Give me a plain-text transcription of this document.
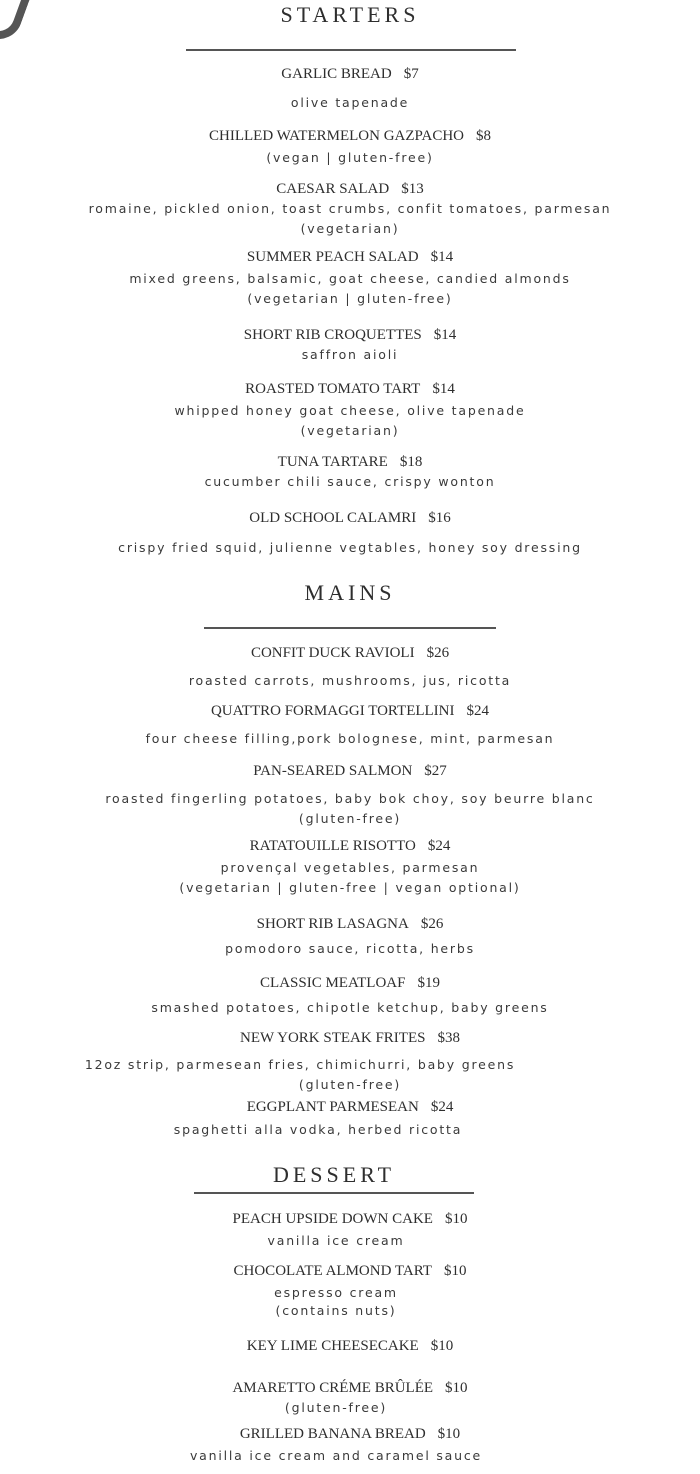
STARTERS
GARLIC BREAD $7
olive tapenade
CHILLED WATERMELON GAZPACHO $8
(vegan | gluten-free)
CAESAR SALAD $13
romaine, pickled onion, toast crumbs, confit tomatoes, parmesan
(vegetarian)
SUMMER PEACH SALAD $14
mixed greens, balsamic, goat cheese, candied almonds
(vegetarian | gluten-free)
SHORT RIB CROQUETTES $14
saffron aioli
ROASTED TOMATO TART $14
whipped honey goat cheese, olive tapenade
(vegetarian)
TUNA TARTARE $18
cucumber chili sauce, crispy wonton
OLD SCHOOL CALAMRI $16
crispy fried squid, julienne vegtables, honey soy dressing
MAINS
CONFIT DUCK RAVIOLI $26
roasted carrots, mushrooms, jus, ricotta
QUATTRO FORMAGGI TORTELLINI $24
four cheese filling,pork bolognese, mint, parmesan
PAN-SEARED SALMON $27
roasted fingerling potatoes, baby bok choy, soy beurre blanc
(gluten-free)
RATATOUILLE RISOTTO $24
provençal vegetables, parmesan
(vegetarian | gluten-free | vegan optional)
SHORT RIB LASAGNA $26
pomodoro sauce, ricotta, herbs
CLASSIC MEATLOAF $19
smashed potatoes, chipotle ketchup, baby greens
NEW YORK STEAK FRITES $38
12oz strip, parmesean fries, chimichurri, baby greens
(gluten-free)
EGGPLANT PARMESEAN $24
spaghetti alla vodka, herbed ricotta
DESSERT
PEACH UPSIDE DOWN CAKE $10
vanilla ice cream
CHOCOLATE ALMOND TART $10
espresso cream
(contains nuts)
KEY LIME CHEESECAKE $10
AMARETTO CRÉME BRÛLÉE $10
(gluten-free)
GRILLED BANANA BREAD $10
vanilla ice cream and caramel sauce
